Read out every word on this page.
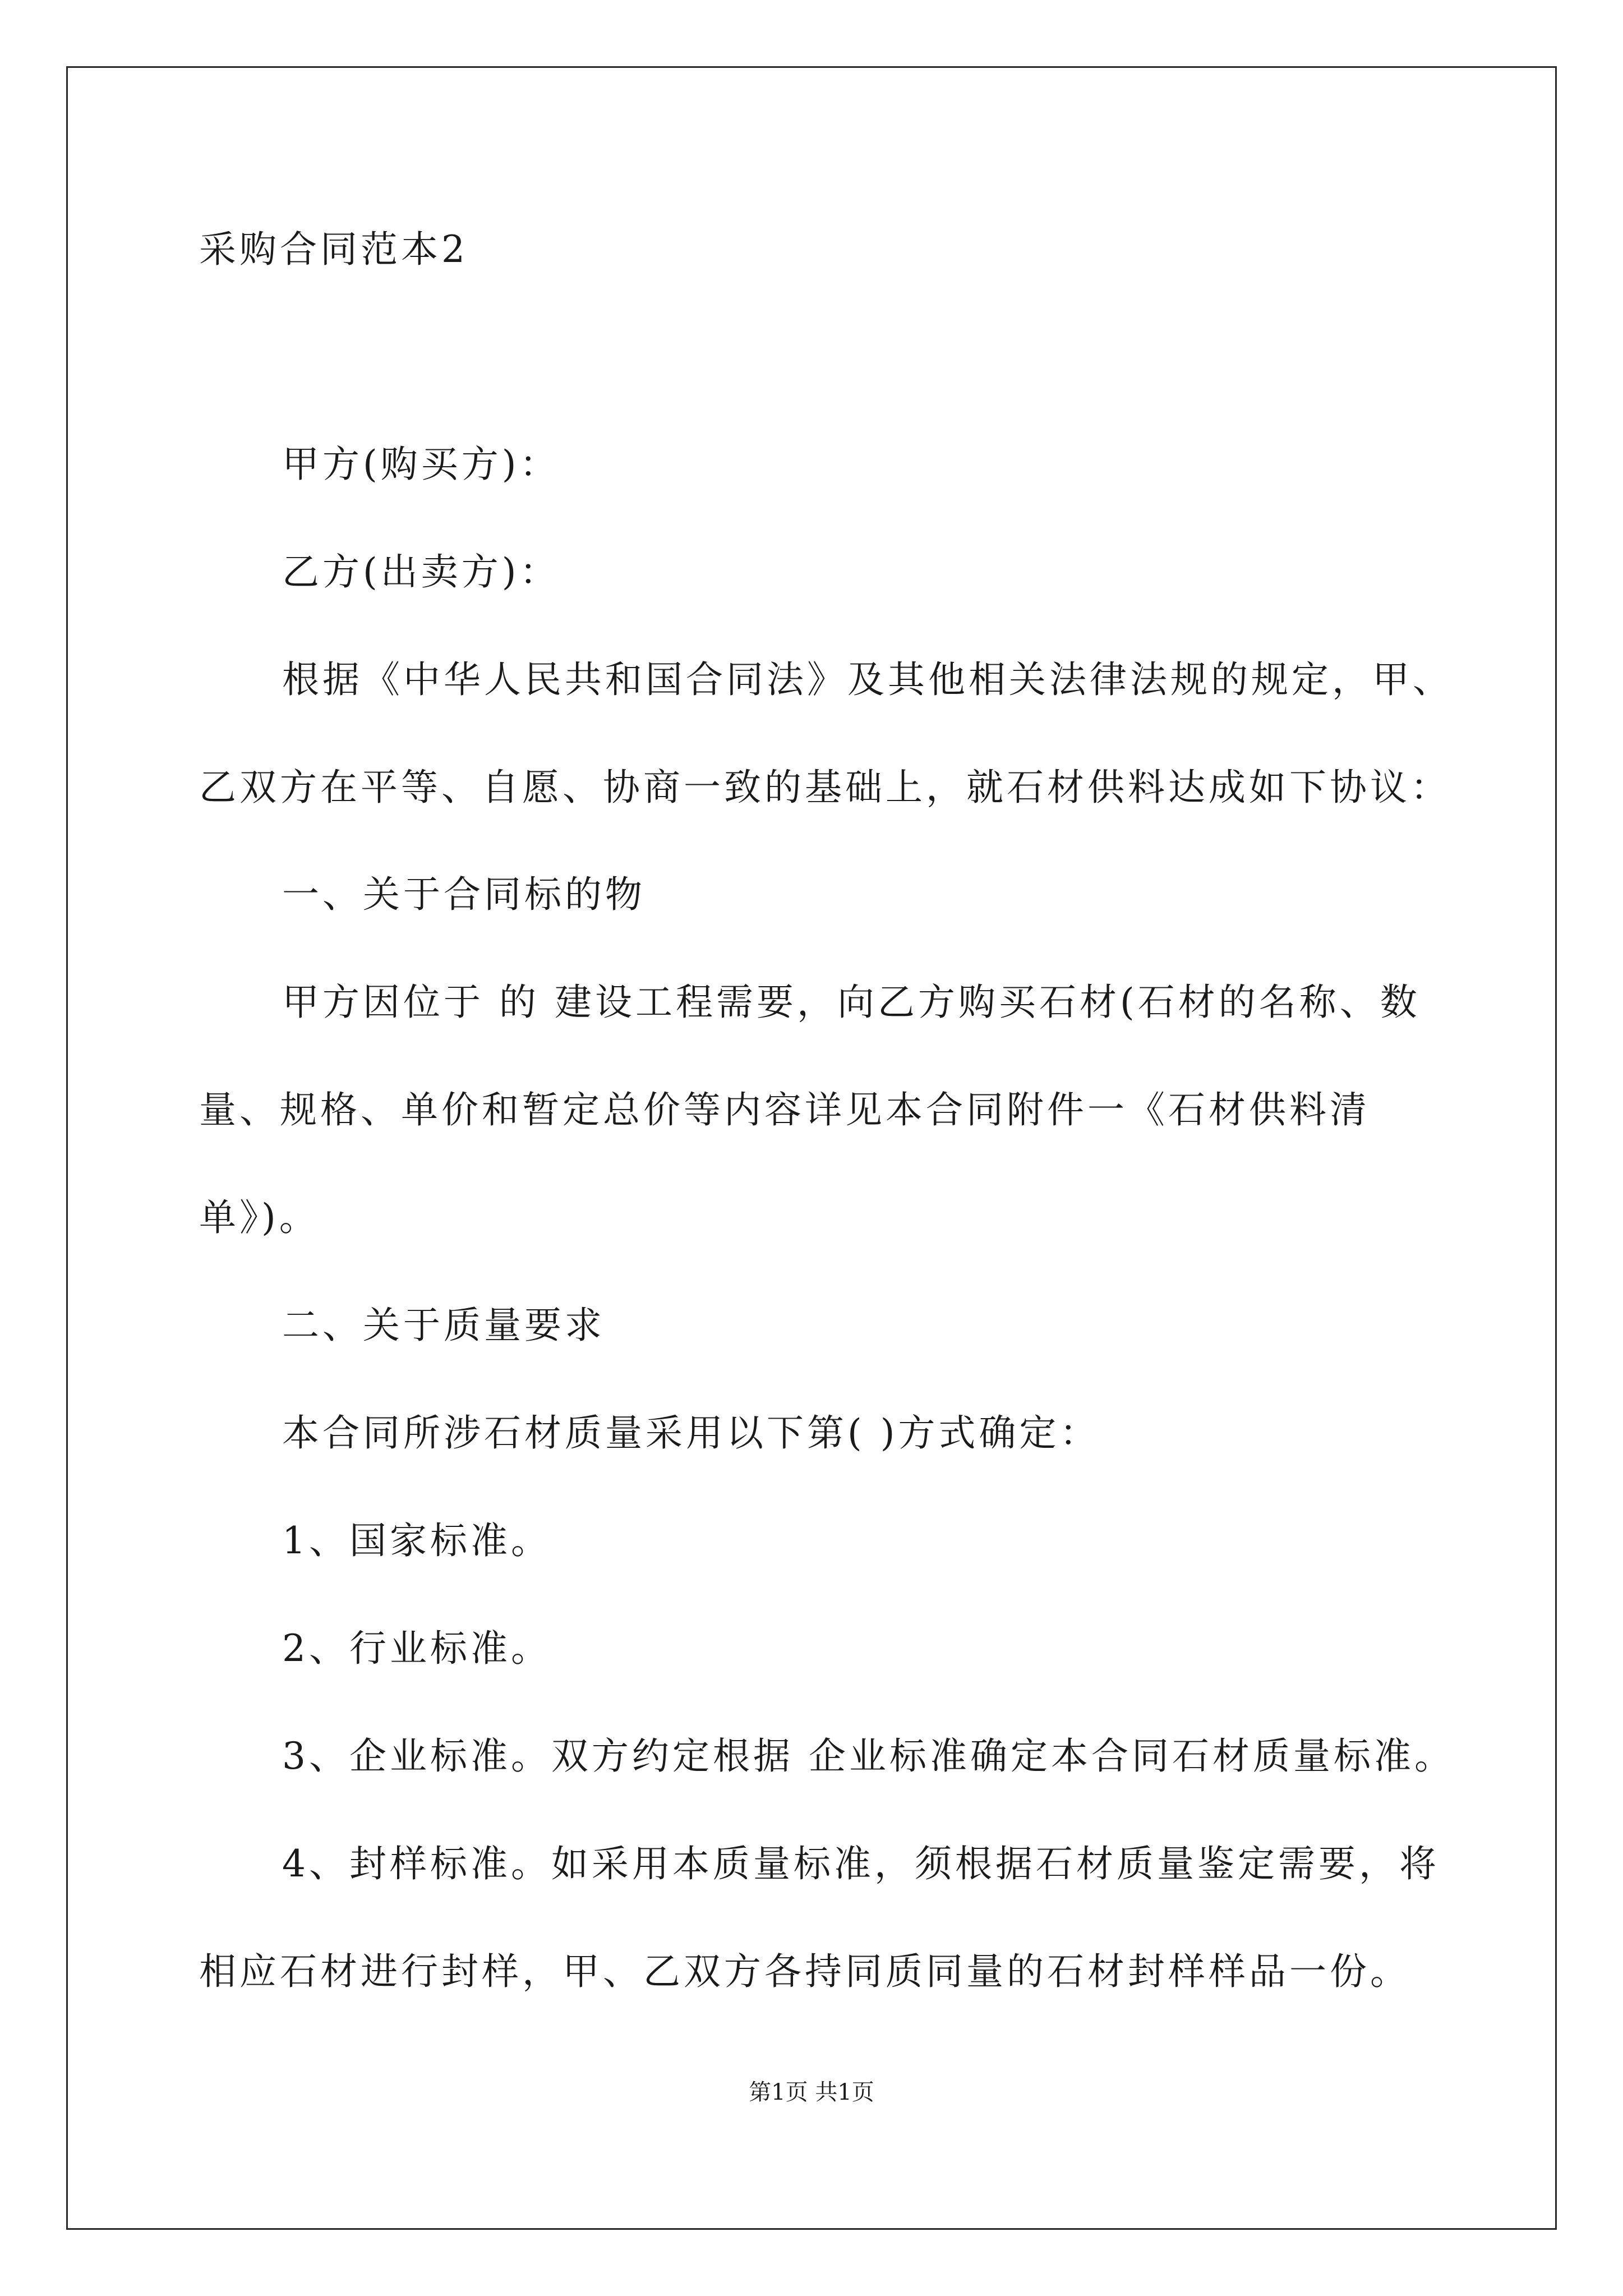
采购合同范本2
甲方(购买方)：
乙方(出卖方)：
根据《中华人民共和国合同法》及其他相关法律法规的规定，甲、
乙双方在平等、自愿、协商一致的基础上，就石材供料达成如下协议：
一、关于合同标的物
甲方因位于 的 建设工程需要，向乙方购买石材(石材的名称、数
量、规格、单价和暂定总价等内容详见本合同附件一《石材供料清
单》)。
二、关于质量要求
本合同所涉石材质量采用以下第( )方式确定：
1、国家标准。
2、行业标准。
3、企业标准。双方约定根据 企业标准确定本合同石材质量标准。
4、封样标准。如采用本质量标准，须根据石材质量鉴定需要，将
相应石材进行封样，甲、乙双方各持同质同量的石材封样样品一份。
第1页 共1页
